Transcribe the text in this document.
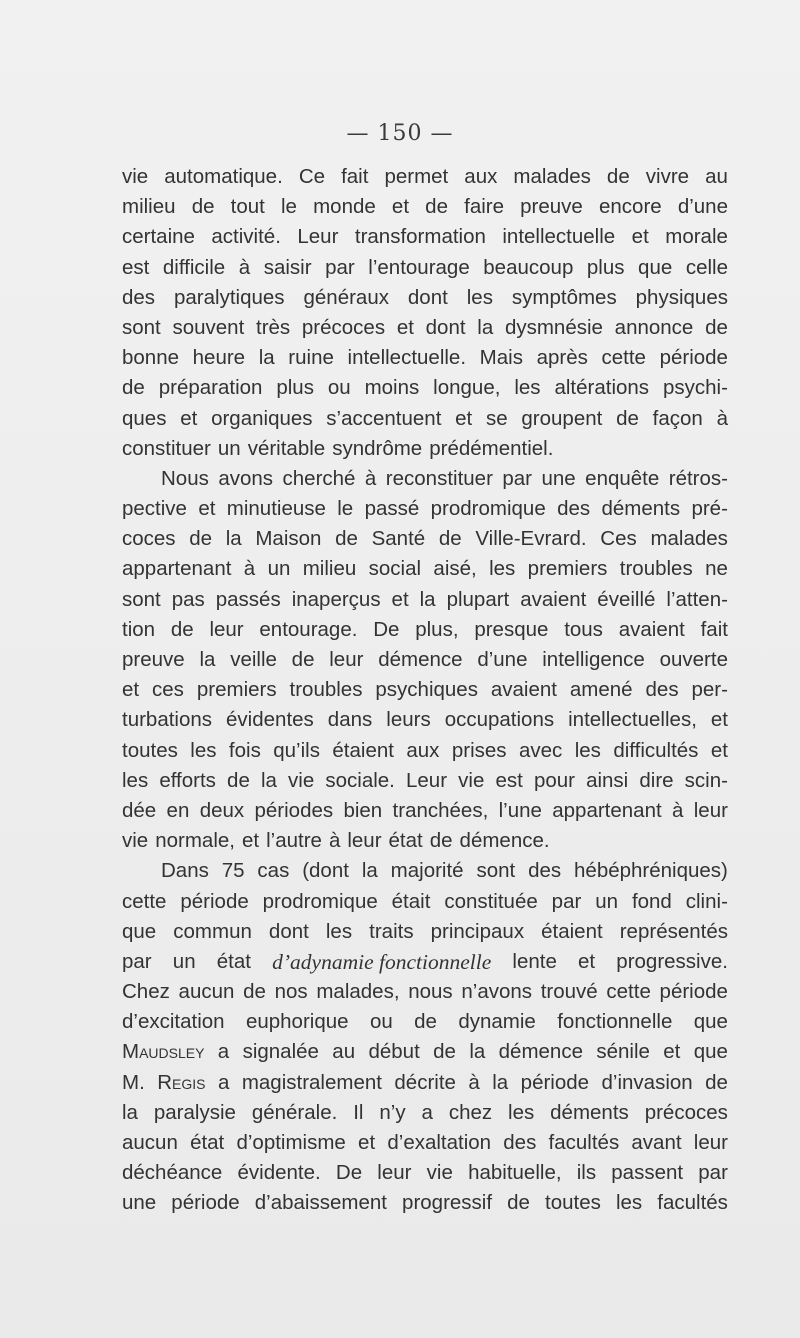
— 150 —
vie automatique. Ce fait permet aux malades de vivre au
milieu de tout le monde et de faire preuve encore d’une
certaine activité. Leur transformation intellectuelle et morale
est difficile à saisir par l’entourage beaucoup plus que celle
des paralytiques généraux dont les symptômes physiques
sont souvent très précoces et dont la dysmnésie annonce de
bonne heure la ruine intellectuelle. Mais après cette période
de préparation plus ou moins longue, les altérations psychi-
ques et organiques s’accentuent et se groupent de façon à
constituer un véritable syndrôme prédémentiel.
Nous avons cherché à reconstituer par une enquête rétros-
pective et minutieuse le passé prodromique des déments pré-
coces de la Maison de Santé de Ville-Evrard. Ces malades
appartenant à un milieu social aisé, les premiers troubles ne
sont pas passés inaperçus et la plupart avaient éveillé l’atten-
tion de leur entourage. De plus, presque tous avaient fait
preuve la veille de leur démence d’une intelligence ouverte
et ces premiers troubles psychiques avaient amené des per-
turbations évidentes dans leurs occupations intellectuelles, et
toutes les fois qu’ils étaient aux prises avec les difficultés et
les efforts de la vie sociale. Leur vie est pour ainsi dire scin-
dée en deux périodes bien tranchées, l’une appartenant à leur
vie normale, et l’autre à leur état de démence.
Dans 75 cas (dont la majorité sont des hébéphréniques)
cette période prodromique était constituée par un fond clini-
que commun dont les traits principaux étaient représentés
par un état d’adynamie fonctionnelle lente et progressive.
Chez aucun de nos malades, nous n’avons trouvé cette période
d’excitation euphorique ou de dynamie fonctionnelle que
Maudsley a signalée au début de la démence sénile et que
M. Regis a magistralement décrite à la période d’invasion de
la paralysie générale. Il n’y a chez les déments précoces
aucun état d’optimisme et d’exaltation des facultés avant leur
déchéance évidente. De leur vie habituelle, ils passent par
une période d’abaissement progressif de toutes les facultés
